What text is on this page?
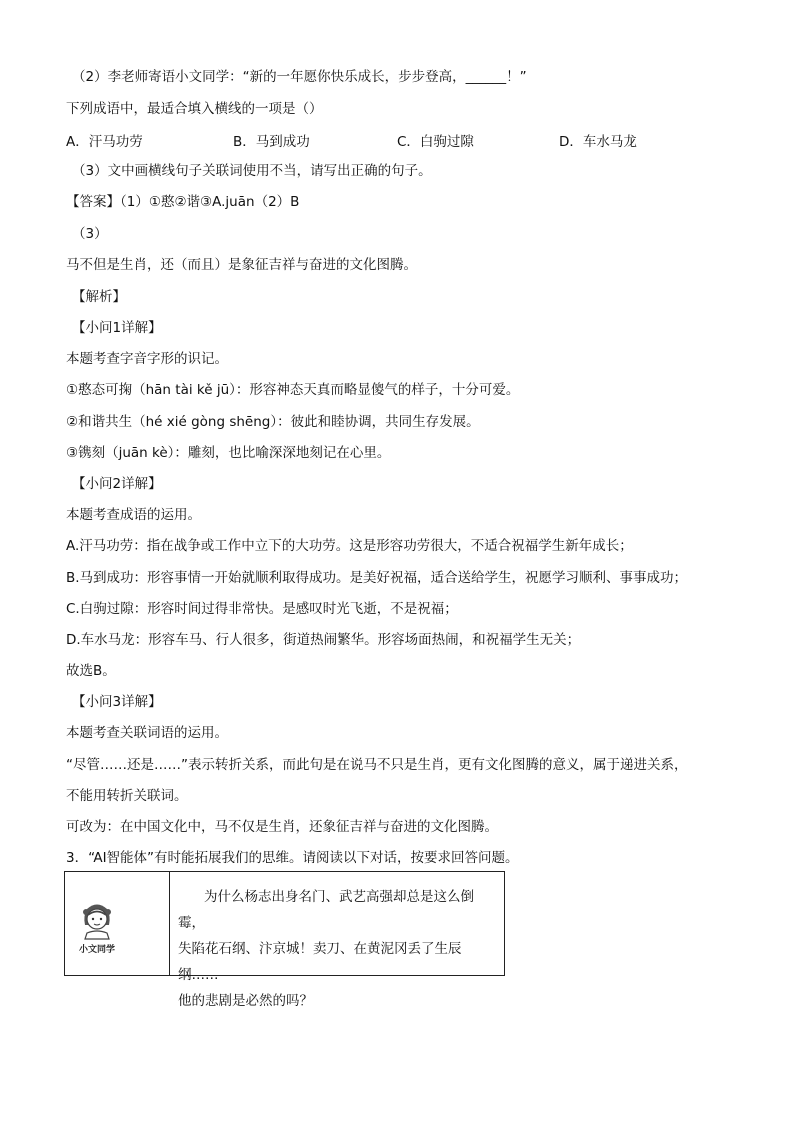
（2）李老师寄语小文同学：“新的一年愿你快乐成长，步步登高，______！”
下列成语中，最适合填入横线的一项是（）
A．汗马功劳	B．马到成功	C．白驹过隙	D．车水马龙
（3）文中画横线句子关联词使用不当，请写出正确的句子。
【答案】（1）①憨②谐③A.juān（2）B
（3）
马不但是生肖，还（而且）是象征吉祥与奋进的文化图腾。
【解析】
【小问1详解】
本题考查字音字形的识记。
①憨态可掬（hān tài kě jū）：形容神态天真而略显傻气的样子，十分可爱。
②和谐共生（hé xié gòng shēng）：彼此和睦协调，共同生存发展。
③镌刻（juān kè）：雕刻，也比喻深深地刻记在心里。
【小问2详解】
本题考查成语的运用。
A.汗马功劳：指在战争或工作中立下的大功劳。这是形容功劳很大，不适合祝福学生新年成长；
B.马到成功：形容事情一开始就顺利取得成功。是美好祝福，适合送给学生，祝愿学习顺利、事事成功；
C.白驹过隙：形容时间过得非常快。是感叹时光飞逝，不是祝福；
D.车水马龙：形容车马、行人很多，街道热闹繁华。形容场面热闹，和祝福学生无关；
故选B。
【小问3详解】
本题考查关联词语的运用。
“尽管……还是……”表示转折关系，而此句是在说马不只是生肖，更有文化图腾的意义，属于递进关系，
不能用转折关联词。
可改为：在中国文化中，马不仅是生肖，还象征吉祥与奋进的文化图腾。
3．“AI智能体”有时能拓展我们的思维。请阅读以下对话，按要求回答问题。
小文同学
为什么杨志出身名门、武艺高强却总是这么倒霉，
失陷花石纲、汴京城！卖刀、在黄泥冈丢了生辰纲……
他的悲剧是必然的吗？
